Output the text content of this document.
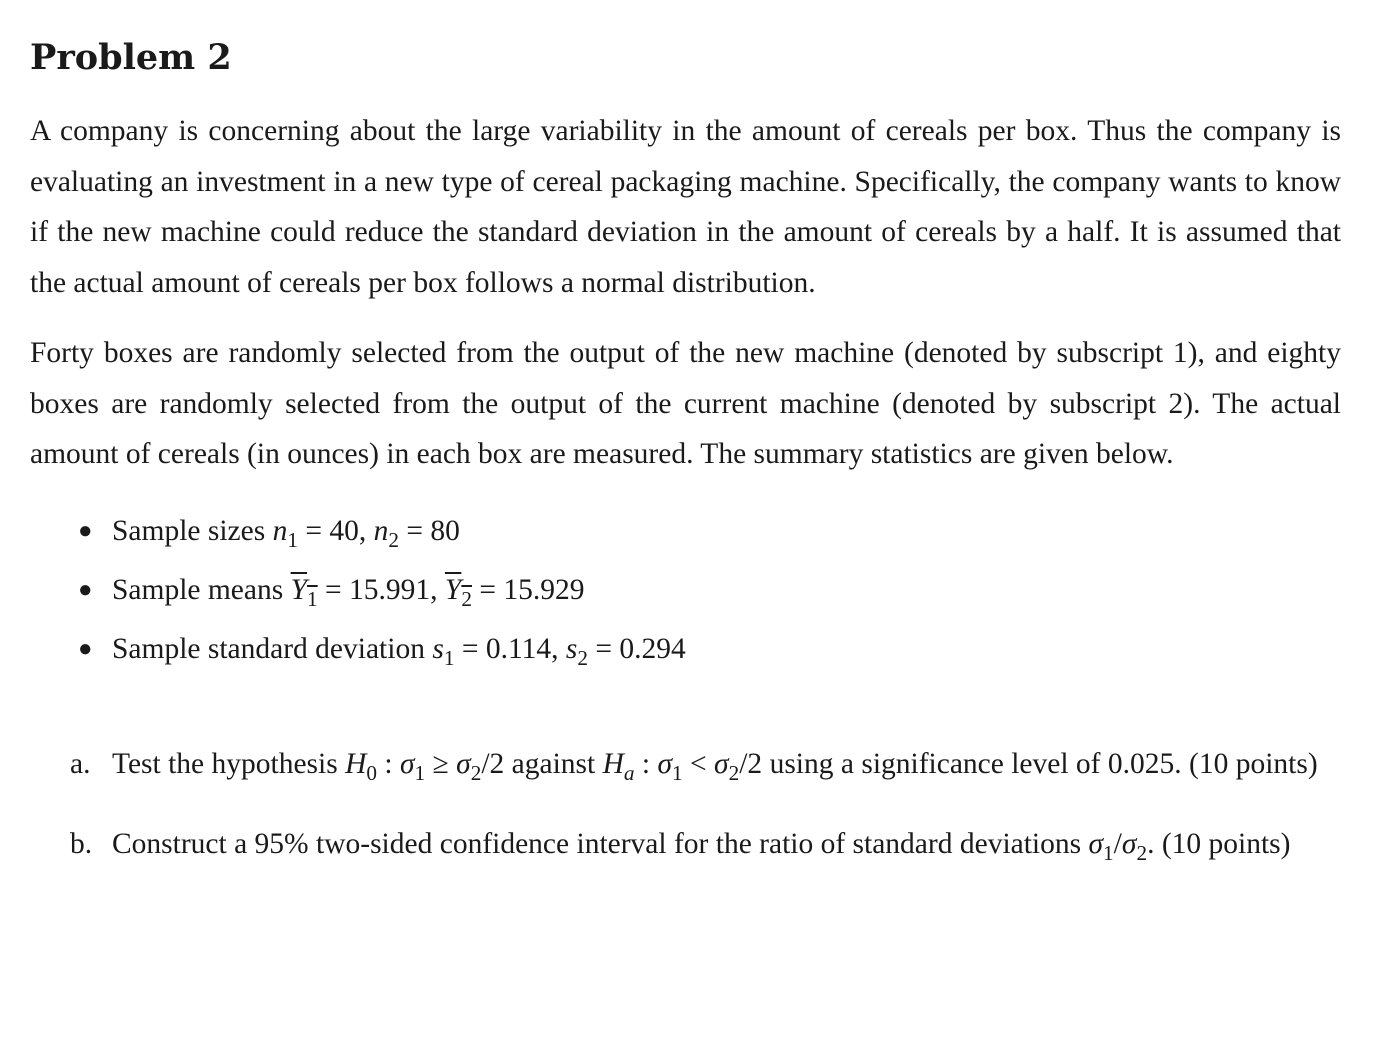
Problem 2

A company is concerning about the large variability in the amount of cereals per box. Thus the company is evaluating an investment in a new type of cereal packaging machine. Specifically, the company wants to know if the new machine could reduce the standard deviation in the amount of cereals by a half. It is assumed that the actual amount of cereals per box follows a normal distribution.

Forty boxes are randomly selected from the output of the new machine (denoted by subscript 1), and eighty boxes are randomly selected from the output of the current machine (denoted by subscript 2). The actual amount of cereals (in ounces) in each box are measured. The summary statistics are given below.

● Sample sizes $n_1 = 40$, $n_2 = 80$
● Sample means $Y_1 = 15.991$, $Y_2 = 15.929$
● Sample standard deviation $s_1 = 0.114$, $s_2 = 0.294$
a. Test the hypothesis $H_0$ : $\sigma_1 \ge \sigma_2/2$ against $H_a$ : $\sigma_1 < \sigma_2/2$ using a significance level of 0.025. (10 points)
b. Construct a 95% two-sided confidence interval for the ratio of standard deviations $\sigma_1/\sigma_2$. (10 points)
